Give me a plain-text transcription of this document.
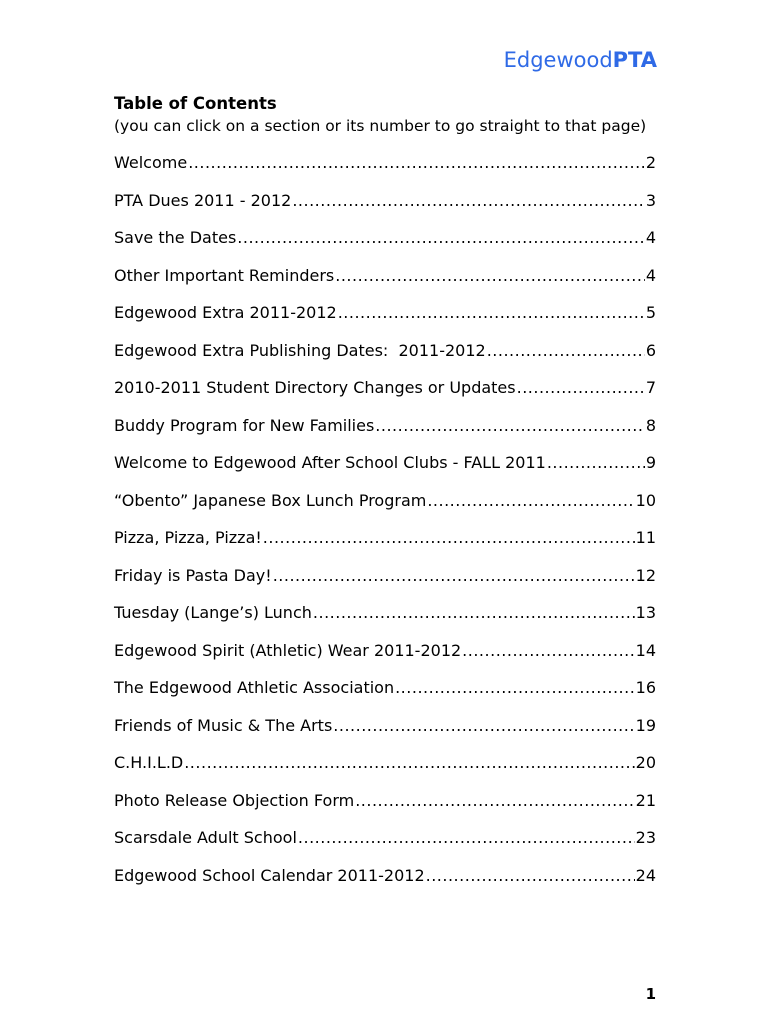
EdgewoodPTA
Table of Contents
(you can click on a section or its number to go straight to that page)
Welcome .....	2
PTA Dues 2011 - 2012 .....	3
Save the Dates .....	4
Other Important Reminders .....	4
Edgewood Extra 2011-2012 .....	5
Edgewood Extra Publishing Dates:  2011-2012 .....	6
2010-2011 Student Directory Changes or Updates .....	7
Buddy Program for New Families .....	8
Welcome to Edgewood After School Clubs - FALL 2011 .....	9
“Obento” Japanese Box Lunch Program .....	10
Pizza, Pizza, Pizza! .....	11
Friday is Pasta Day! .....	12
Tuesday (Lange’s) Lunch .....	13
Edgewood Spirit (Athletic) Wear 2011-2012 .....	14
The Edgewood Athletic Association .....	16
Friends of Music & The Arts .....	19
C.H.I.L.D .....	20
Photo Release Objection Form .....	21
Scarsdale Adult School .....	23
Edgewood School Calendar 2011-2012 .....	24
1
